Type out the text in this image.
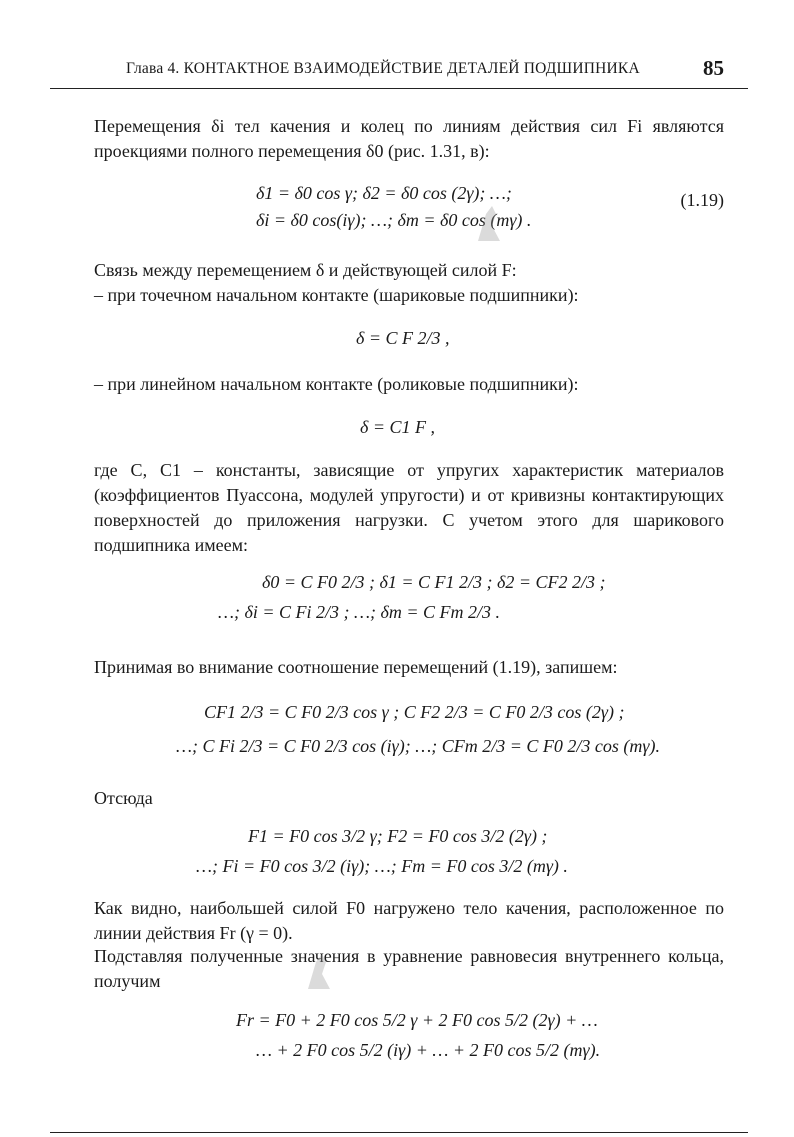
Глава 4. КОНТАКТНОЕ ВЗАИМОДЕЙСТВИЕ ДЕТАЛЕЙ ПОДШИПНИКА	85
Перемещения δi тел качения и колец по линиям действия сил Fi являются проекциями полного перемещения δ0 (рис. 1.31, в):
δ1 = δ0 cos γ; δ2 = δ0 cos (2γ); …;
δi = δ0 cos(iγ); …; δm = δ0 cos (mγ) .
(1.19)
Связь между перемещением δ и действующей силой F:
– при точечном начальном контакте (шариковые подшипники):
δ = C F 2/3 ,
– при линейном начальном контакте (роликовые подшипники):
δ = C1 F ,
где C, C1 – константы, зависящие от упругих характеристик материалов (коэффициентов Пуассона, модулей упругости) и от кривизны контактирующих поверхностей до приложения нагрузки. С учетом этого для шарикового подшипника имеем:
δ0 = C F0 2/3 ; δ1 = C F1 2/3 ; δ2 = CF2 2/3 ;
…; δi = C Fi 2/3 ; …; δm = C Fm 2/3 .
Принимая во внимание соотношение перемещений (1.19), запишем:
CF1 2/3 = C F0 2/3 cos γ ; C F2 2/3 = C F0 2/3 cos (2γ) ;
…; C Fi 2/3 = C F0 2/3 cos (iγ); …; CFm 2/3 = C F0 2/3 cos (mγ).
Отсюда
F1 = F0 cos 3/2 γ; F2 = F0 cos 3/2 (2γ) ;
…; Fi = F0 cos 3/2 (iγ); …; Fm = F0 cos 3/2 (mγ) .
Как видно, наибольшей силой F0 нагружено тело качения, расположенное по линии действия Fr (γ = 0).
Подставляя полученные значения в уравнение равновесия внутреннего кольца, получим
Fr = F0 + 2 F0 cos 5/2 γ + 2 F0 cos 5/2 (2γ) + …
… + 2 F0 cos 5/2 (iγ) + … + 2 F0 cos 5/2 (mγ).
